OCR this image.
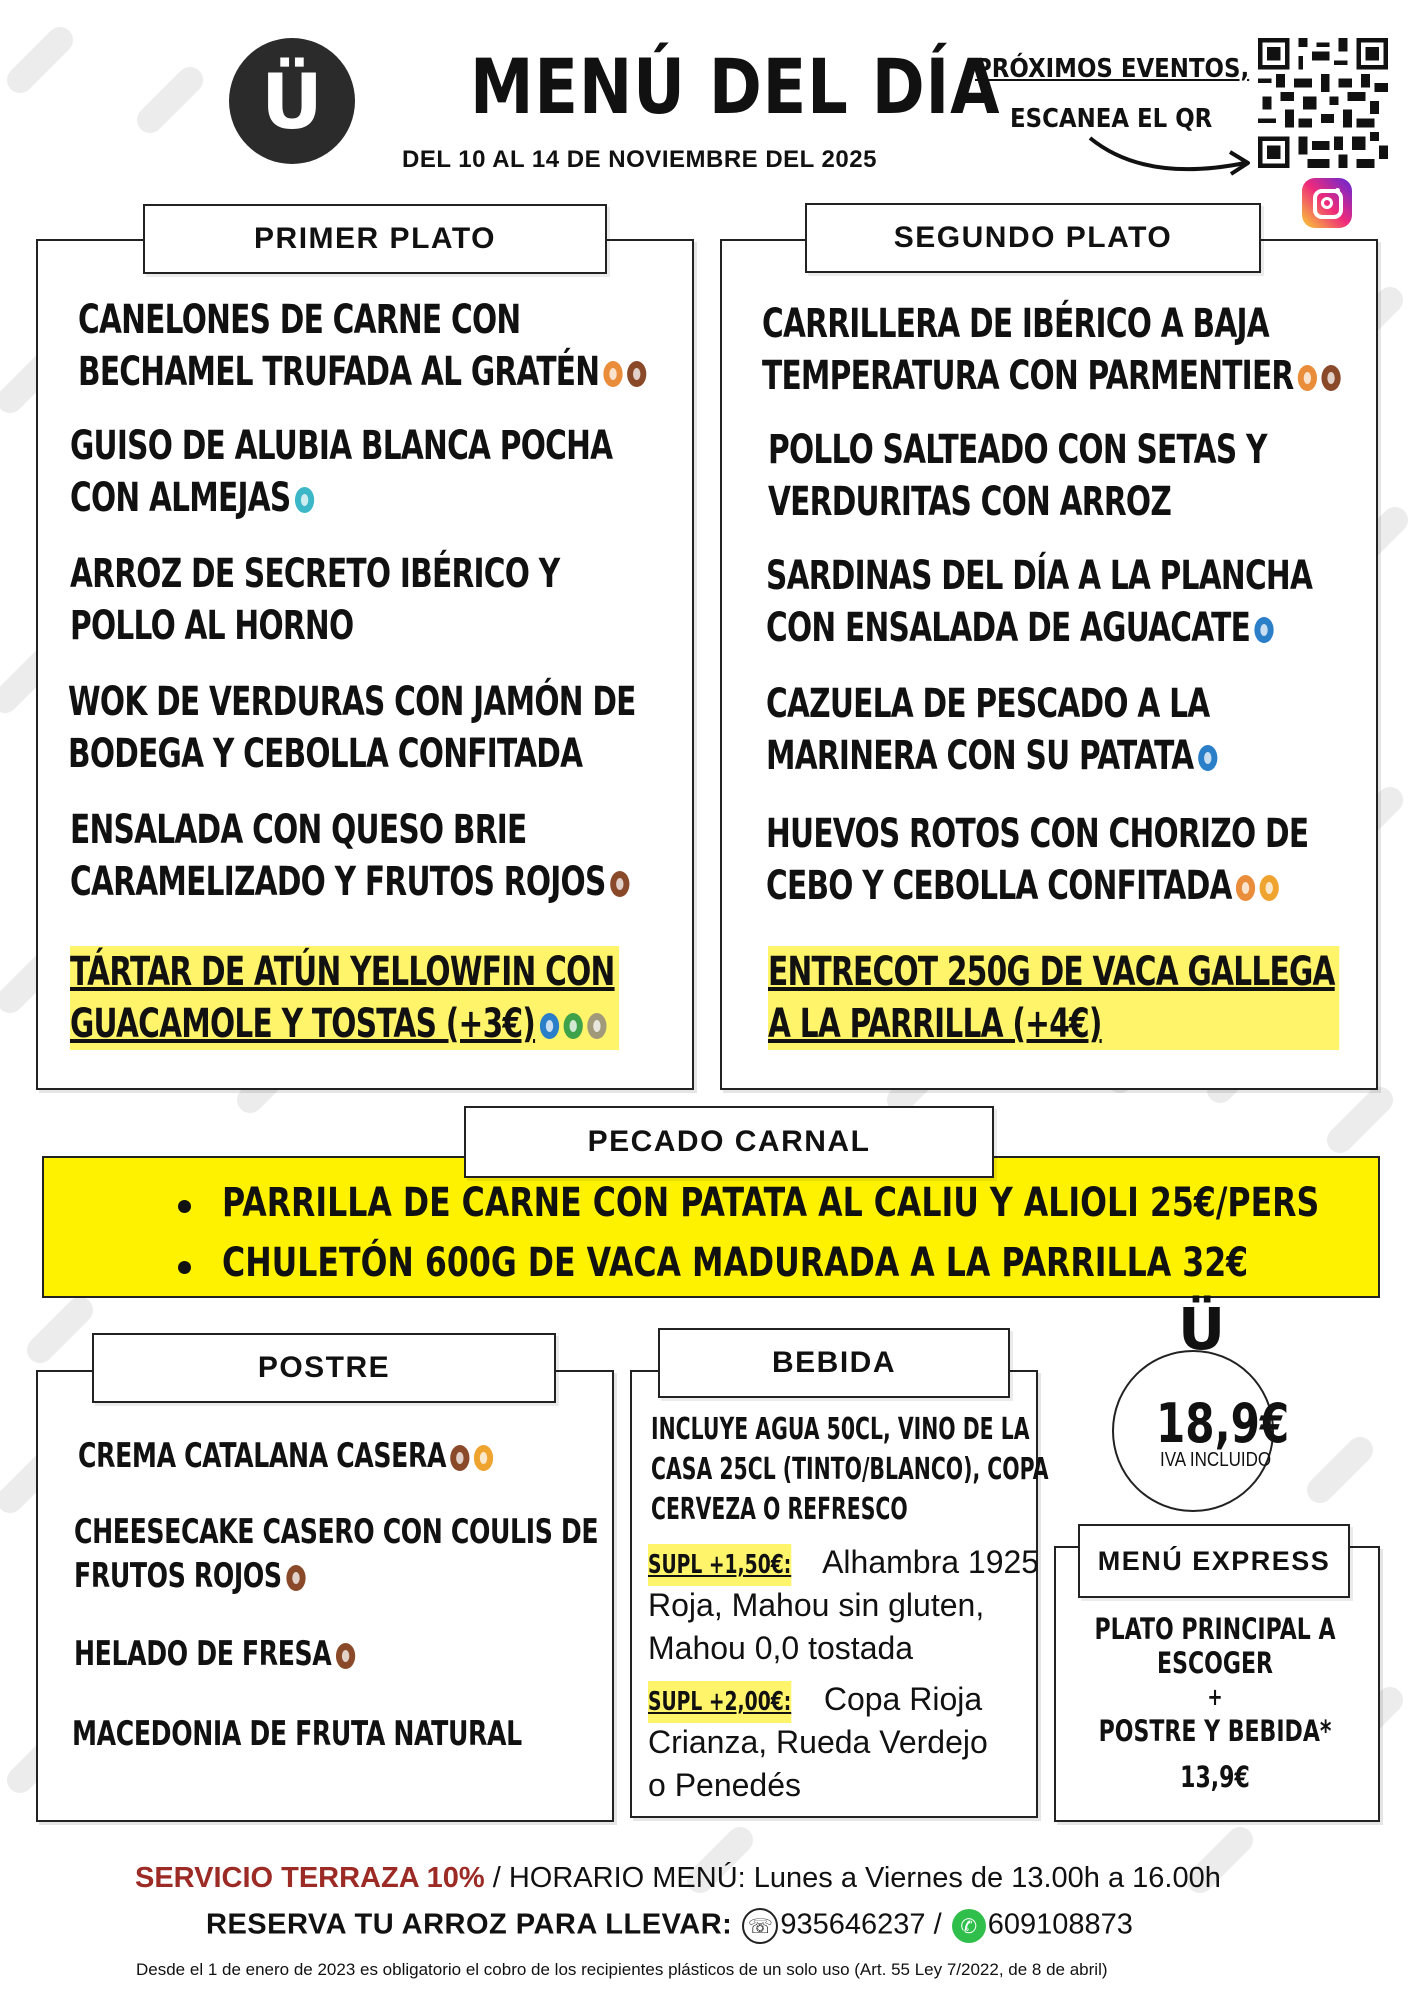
Ü	MENÚ DEL DÍA
DEL 10 AL 14 DE NOVIEMBRE DEL 2025
PRÓXIMOS EVENTOS,
ESCANEA EL QR
PRIMER PLATO
CANELONES DE CARNE CON
BECHAMEL TRUFADA AL GRATÉN
GUISO DE ALUBIA BLANCA POCHA
CON ALMEJAS
ARROZ DE SECRETO IBÉRICO Y
POLLO AL HORNO
WOK DE VERDURAS CON JAMÓN DE
BODEGA Y CEBOLLA CONFITADA
ENSALADA CON QUESO BRIE
CARAMELIZADO Y FRUTOS ROJOS
TÁRTAR DE ATÚN YELLOWFIN CON
GUACAMOLE Y TOSTAS (+3€)
SEGUNDO PLATO
CARRILLERA DE IBÉRICO A BAJA
TEMPERATURA CON PARMENTIER
POLLO SALTEADO CON SETAS Y
VERDURITAS CON ARROZ
SARDINAS DEL DÍA A LA PLANCHA
CON ENSALADA DE AGUACATE
CAZUELA DE PESCADO A LA
MARINERA CON SU PATATA
HUEVOS ROTOS CON CHORIZO DE
CEBO Y CEBOLLA CONFITADA
ENTRECOT 250G DE VACA GALLEGA
A LA PARRILLA (+4€)
PECADO CARNAL
PARRILLA DE CARNE CON PATATA AL CALIU Y ALIOLI 25€/PERS
CHULETÓN 600G DE VACA MADURADA A LA PARRILLA 32€
POSTRE
CREMA CATALANA CASERA
CHEESECAKE CASERO CON COULIS DE
FRUTOS ROJOS
HELADO DE FRESA
MACEDONIA DE FRUTA NATURAL
BEBIDA
INCLUYE AGUA 50CL, VINO DE LA
CASA 25CL (TINTO/BLANCO), COPA
CERVEZA O REFRESCO
SUPL +1,50€: Alhambra 1925
Roja, Mahou sin gluten,
Mahou 0,0 tostada
SUPL +2,00€: Copa Rioja
Crianza, Rueda Verdejo
o Penedés
Ü
18,9€
IVA INCLUIDO
MENÚ EXPRESS
PLATO PRINCIPAL A
ESCOGER
+
POSTRE Y BEBIDA*
13,9€
SERVICIO TERRAZA 10% / HORARIO MENÚ: Lunes a Viernes de 13.00h a 16.00h
RESERVA TU ARROZ PARA LLEVAR: ☏ 935646237 / ✆ 609108873
Desde el 1 de enero de 2023 es obligatorio el cobro de los recipientes plásticos de un solo uso (Art. 55 Ley 7/2022, de 8 de abril)
